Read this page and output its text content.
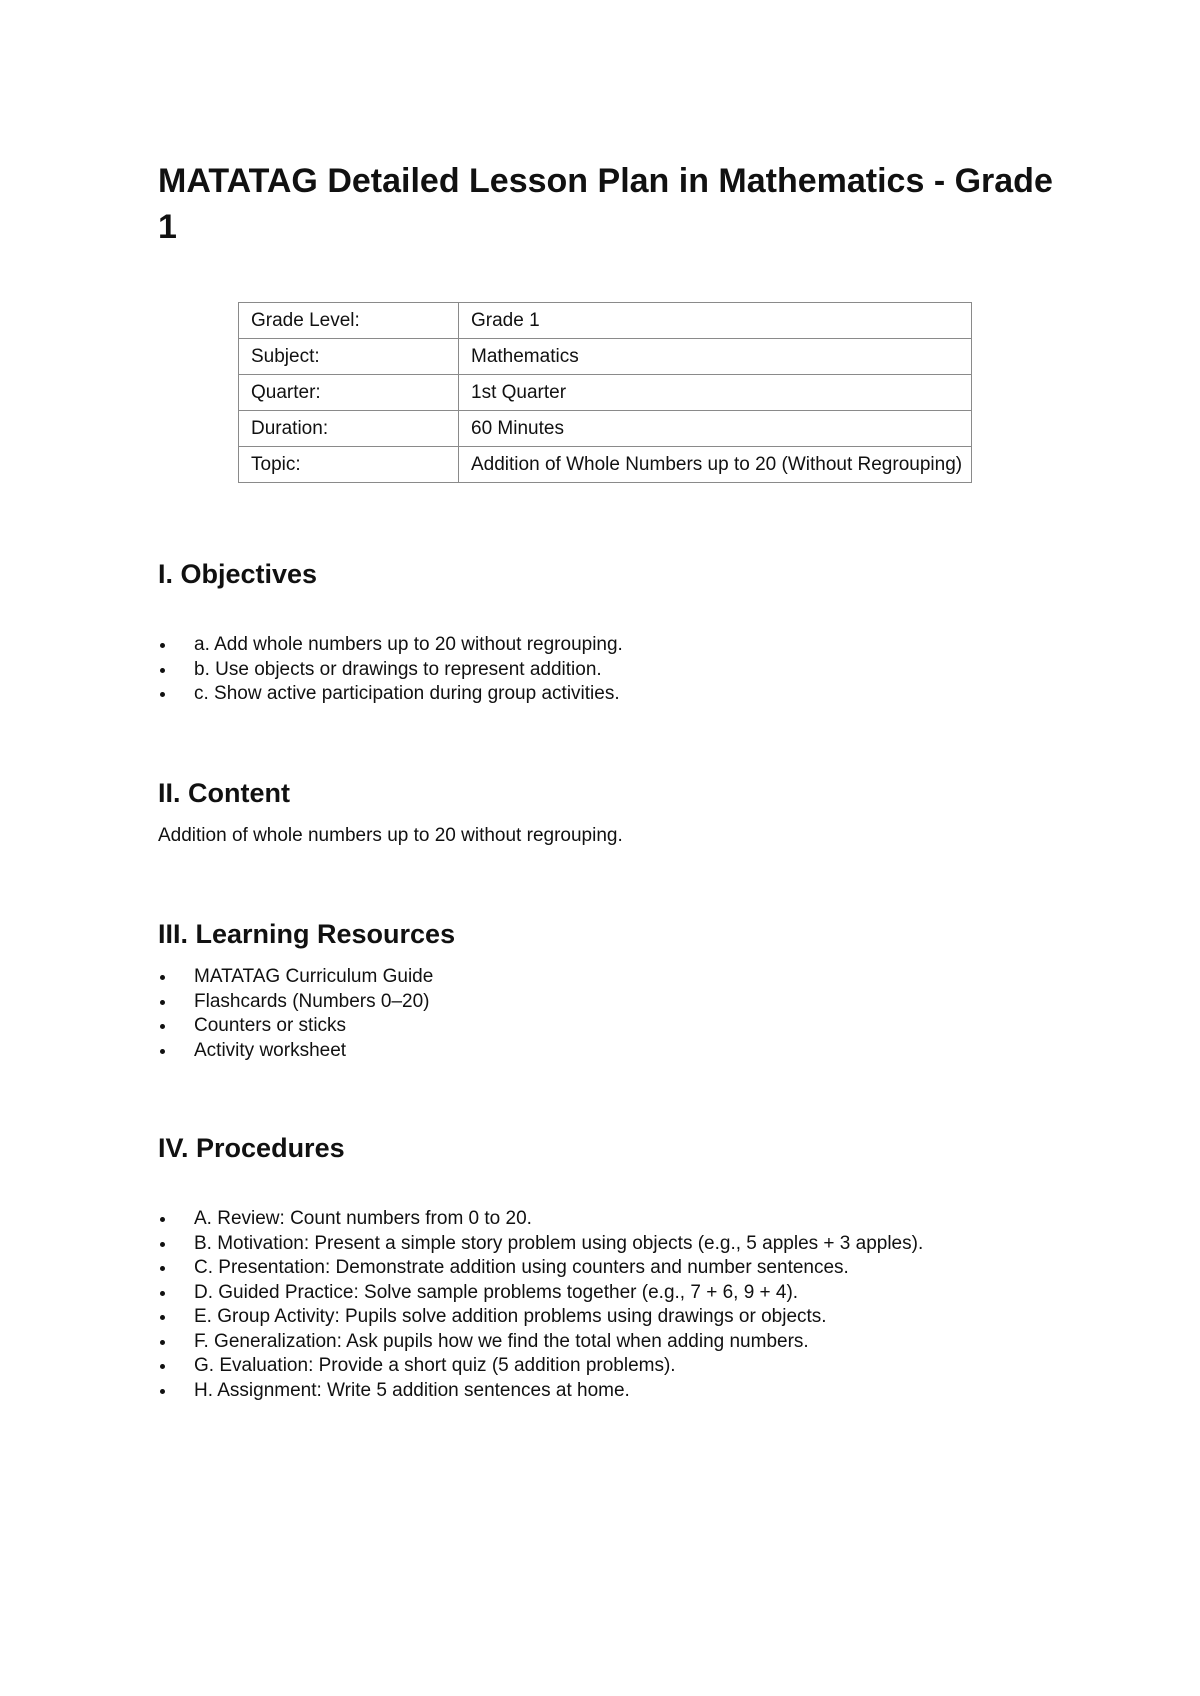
MATATAG Detailed Lesson Plan in Mathematics - Grade 1
Grade Level:	Grade 1
Subject:	Mathematics
Quarter:	1st Quarter
Duration:	60 Minutes
Topic:	Addition of Whole Numbers up to 20 (Without Regrouping)
I. Objectives
a. Add whole numbers up to 20 without regrouping.
b. Use objects or drawings to represent addition.
c. Show active participation during group activities.
II. Content

Addition of whole numbers up to 20 without regrouping.

III. Learning Resources
MATATAG Curriculum Guide
Flashcards (Numbers 0–20)
Counters or sticks
Activity worksheet
IV. Procedures
A. Review: Count numbers from 0 to 20.
B. Motivation: Present a simple story problem using objects (e.g., 5 apples + 3 apples).
C. Presentation: Demonstrate addition using counters and number sentences.
D. Guided Practice: Solve sample problems together (e.g., 7 + 6, 9 + 4).
E. Group Activity: Pupils solve addition problems using drawings or objects.
F. Generalization: Ask pupils how we find the total when adding numbers.
G. Evaluation: Provide a short quiz (5 addition problems).
H. Assignment: Write 5 addition sentences at home.
